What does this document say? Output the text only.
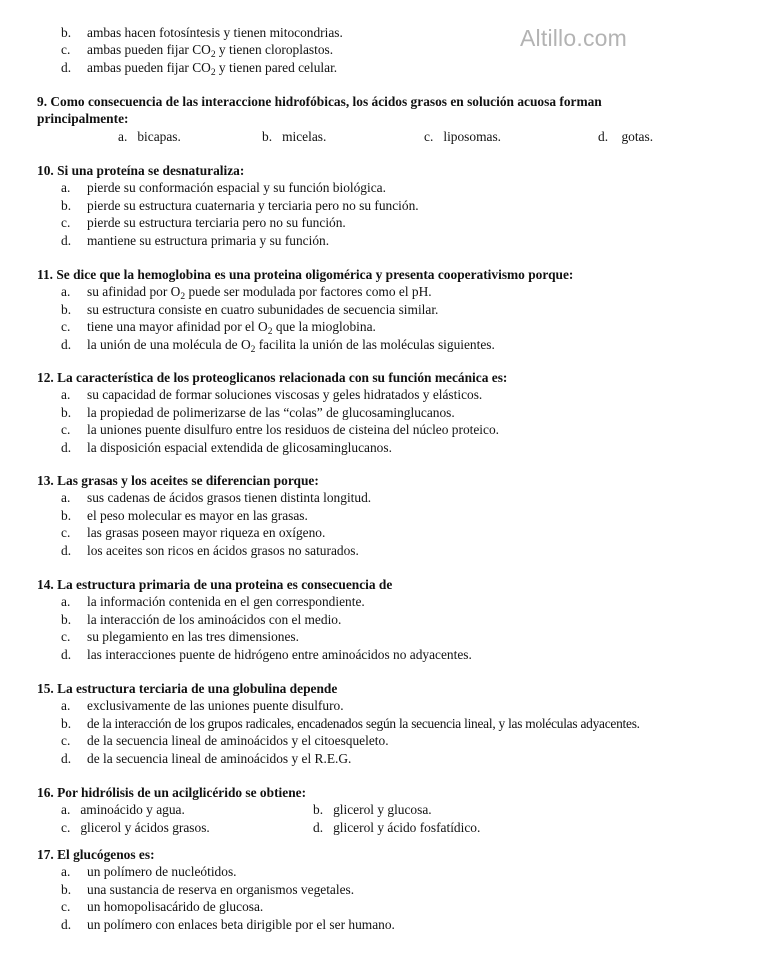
Altillo.com
b. ambas hacen fotosíntesis y tienen mitocondrias.
c. ambas pueden fijar $CO_2$ y tienen cloroplastos.
d. ambas pueden fijar $CO_2$ y tienen pared celular.
9. Como consecuencia de las interaccione hidrofóbicas, los ácidos grasos en solución acuosa forman principalmente:
a. bicapas.	b. micelas.	c. liposomas.	d. gotas.
10. Si una proteína se desnaturaliza:
a. pierde su conformación espacial y su función biológica.
b. pierde su estructura cuaternaria y terciaria pero no su función.
c. pierde su estructura terciaria pero no su función.
d. mantiene su estructura primaria y su función.
11. Se dice que la hemoglobina es una proteina oligomérica y presenta cooperativismo porque:
a. su afinidad por $O_2$ puede ser modulada por factores como el pH.
b. su estructura consiste en cuatro subunidades de secuencia similar.
c. tiene una mayor afinidad por el $O_2$ que la mioglobina.
d. la unión de una molécula de $O_2$ facilita la unión de las moléculas siguientes.
12. La característica de los proteoglicanos relacionada con su función mecánica es:
a. su capacidad de formar soluciones viscosas y geles hidratados y elásticos.
b. la propiedad de polimerizarse de las “colas” de glucosaminglucanos.
c. la uniones puente disulfuro entre los residuos de cisteina del núcleo proteico.
d. la disposición espacial extendida de glicosaminglucanos.
13. Las grasas y los aceites se diferencian porque:
a. sus cadenas de ácidos grasos tienen distinta longitud.
b. el peso molecular es mayor en las grasas.
c. las grasas poseen mayor riqueza en oxígeno.
d. los aceites son ricos en ácidos grasos no saturados.
14. La estructura primaria de una proteina es consecuencia de
a. la información contenida en el gen correspondiente.
b. la interacción de los aminoácidos con el medio.
c. su plegamiento en las tres dimensiones.
d. las interacciones puente de hidrógeno entre aminoácidos no adyacentes.
15. La estructura terciaria de una globulina depende
a. exclusivamente de las uniones puente disulfuro.
b. de la interacción de los grupos radicales, encadenados según la secuencia lineal, y las moléculas adyacentes.
c. de la secuencia lineal de aminoácidos y el citoesqueleto.
d. de la secuencia lineal de aminoácidos y el R.E.G.
16. Por hidrólisis de un acilglicérido se obtiene:
a. aminoácido y agua.	b. glicerol y glucosa.
c. glicerol y ácidos grasos.	d. glicerol y ácido fosfatídico.
17. El glucógenos es:
a. un polímero de nucleótidos.
b. una sustancia de reserva en organismos vegetales.
c. un homopolisacárido de glucosa.
d. un polímero con enlaces beta dirigible por el ser humano.
